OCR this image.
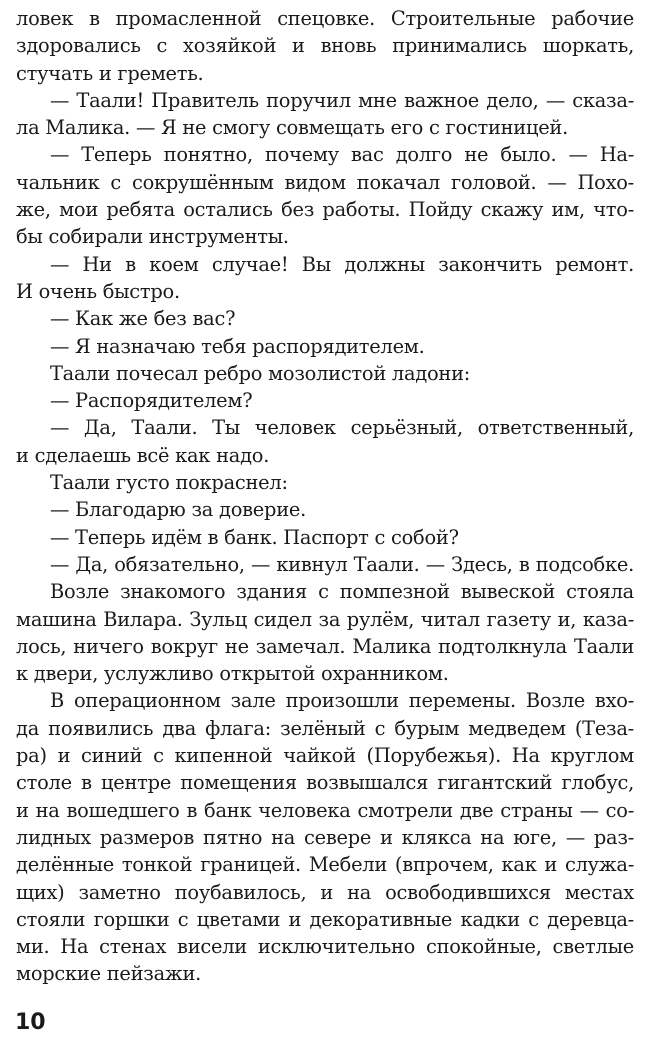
ловек в промасленной спецовке. Строительные рабочие
здоровались с хозяйкой и вновь принимались шоркать,
стучать и греметь.
— Таали! Правитель поручил мне важное дело, — сказа-
ла Малика. — Я не смогу совмещать его с гостиницей.
— Теперь понятно, почему вас долго не было. — На-
чальник с сокрушённым видом покачал головой. — Похо-
же, мои ребята остались без работы. Пойду скажу им, что-
бы собирали инструменты.
— Ни в коем случае! Вы должны закончить ремонт.
И очень быстро.
— Как же без вас?
— Я назначаю тебя распорядителем.
Таали почесал ребро мозолистой ладони:
— Распорядителем?
— Да, Таали. Ты человек серьёзный, ответственный,
и сделаешь всё как надо.
Таали густо покраснел:
— Благодарю за доверие.
— Теперь идём в банк. Паспорт с собой?
— Да, обязательно, — кивнул Таали. — Здесь, в подсобке.
Возле знакомого здания с помпезной вывеской стояла
машина Вилара. Зульц сидел за рулём, читал газету и, каза-
лось, ничего вокруг не замечал. Малика подтолкнула Таали
к двери, услужливо открытой охранником.
В операционном зале произошли перемены. Возле вхо-
да появились два флага: зелёный с бурым медведем (Теза-
ра) и синий с кипенной чайкой (Порубежья). На круглом
столе в центре помещения возвышался гигантский глобус,
и на вошедшего в банк человека смотрели две страны — со-
лидных размеров пятно на севере и клякса на юге, — раз-
делённые тонкой границей. Мебели (впрочем, как и служа-
щих) заметно поубавилось, и на освободившихся местах
стояли горшки с цветами и декоративные кадки с деревца-
ми. На стенах висели исключительно спокойные, светлые
морские пейзажи.
10
